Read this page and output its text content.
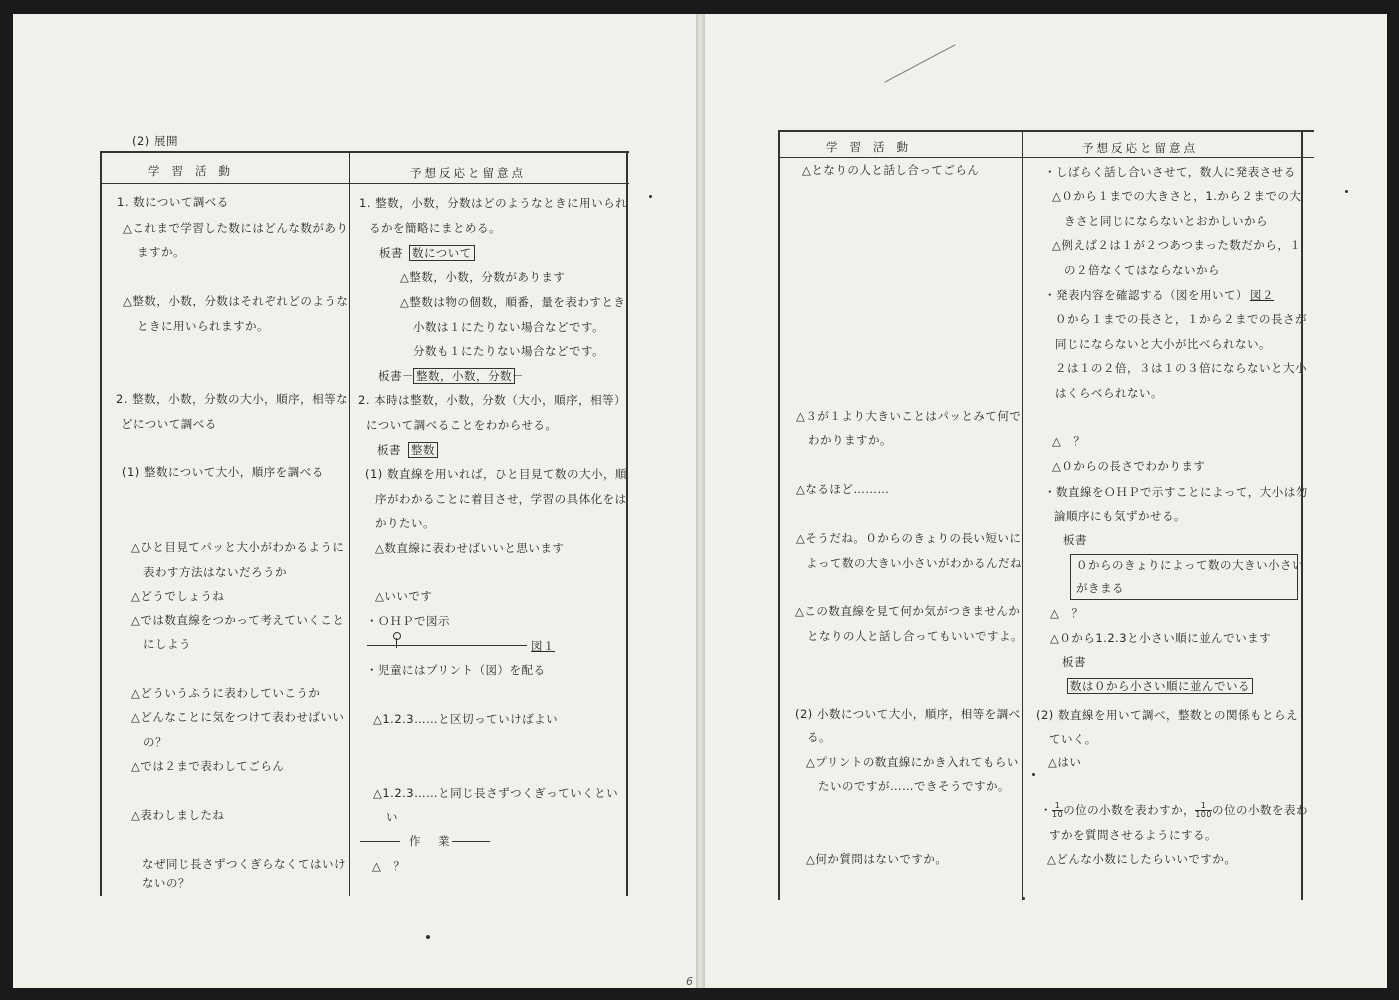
(2) 展開
学習活動	予想反応と留意点
1. 数について調べる
△これまで学習した数にはどんな数があり
ますか。
△整数，小数，分数はそれぞれどのような
ときに用いられますか。
2. 整数，小数，分数の大小，順序，相等な
どについて調べる
(1) 整数について大小，順序を調べる
△ひと目見てパッと大小がわかるように
表わす方法はないだろうか
△どうでしょうね
△では数直線をつかって考えていくこと
にしよう
△どういうふうに表わしていこうか
△どんなことに気をつけて表わせばいい
の？
△では２まで表わしてごらん
△表わしましたね
なぜ同じ長さずつくぎらなくてはいけ
ないの？
1. 整数，小数，分数はどのようなときに用いられ
るかを簡略にまとめる。
板書 数について
△整数，小数，分数があります
△整数は物の個数，順番，量を表わすとき，
小数は１にたりない場合などです。
分数も１にたりない場合などです。
板書－ 整数，小数，分数 －
2. 本時は整数，小数，分数（大小，順序，相等）
について調べることをわからせる。
板書 整数
(1) 数直線を用いれば，ひと目見て数の大小，順
序がわかることに着目させ，学習の具体化をは
かりたい。
△数直線に表わせばいいと思います
△いいです
・ＯＨＰで図示
図１
・児童にはプリント（図）を配る
△1.2.3……と区切っていけばよい
△1.2.3……と同じ長さずつくぎっていくとい
い
作　業
△　？
学習活動	予想反応と留意点
△となりの人と話し合ってごらん
△３が１より大きいことはパッとみて何で
わかりますか。
△なるほど………
△そうだね。０からのきょりの長い短いに
よって数の大きい小さいがわかるんだね
△この数直線を見て何か気がつきませんか
となりの人と話し合ってもいいですよ。
(2) 小数について大小，順序，相等を調べ
る。
△プリントの数直線にかき入れてもらい
たいのですが……できそうですか。
△何か質問はないですか。
・しばらく話し合いさせて，数人に発表させる
△０から１までの大きさと，1.から２までの大
きさと同じにならないとおかしいから
△例えば２は１が２つあつまった数だから，１
の２倍なくてはならないから
・発表内容を確認する（図を用いて） 図２
０から１までの長さと，１から２までの長さが
同じにならないと大小が比べられない。
２は１の２倍，３は１の３倍にならないと大小
はくらべられない。
△　？
△０からの長さでわかります
・数直線をＯＨＰで示すことによって，大小は勿
論順序にも気ずかせる。
板書
０からのきょりによって数の大きい小さい
がきまる
△　？
△０から1.2.3と小さい順に並んでいます
板書
数は０から小さい順に並んでいる
(2) 数直線を用いて調べ，整数との関係もとらえ
ていく。
△はい
・ $\frac{1}{10}$ の位の小数を表わすか， $\frac{1}{100}$ の位の小数を表わ
すかを質問させるようにする。
△どんな小数にしたらいいですか。
6
